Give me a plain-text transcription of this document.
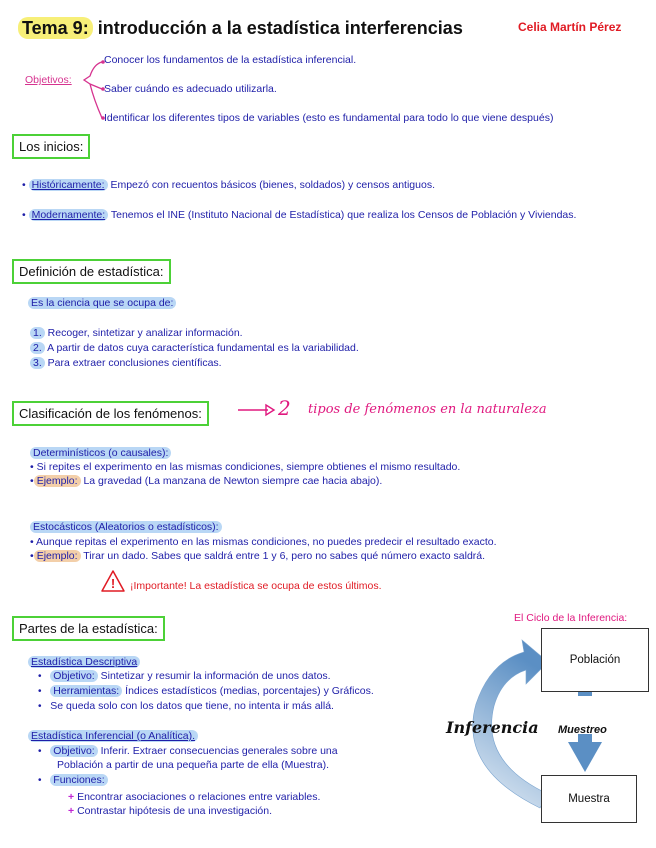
Tema 9: introducción a la estadística interferencias	Celia Martín Pérez
Objetivos:
Conocer los fundamentos de la estadística inferencial.
Saber cuándo es adecuado utilizarla.
Identificar los diferentes tipos de variables (esto es fundamental para todo lo que viene después)
Los inicios:
• Históricamente: Empezó con recuentos básicos (bienes, soldados) y censos antiguos.
• Modernamente: Tenemos el INE (Instituto Nacional de Estadística) que realiza los Censos de Población y Viviendas.
Definición de estadística:
Es la ciencia que se ocupa de:
1. Recoger, sintetizar y analizar información.
2. A partir de datos cuya característica fundamental es la variabilidad.
3. Para extraer conclusiones científicas.
Clasificación de los fenómenos:	2 tipos de fenómenos en la naturaleza
Determinísticos (o causales):
• Si repites el experimento en las mismas condiciones, siempre obtienes el mismo resultado.
• Ejemplo: La gravedad (La manzana de Newton siempre cae hacia abajo).
Estocásticos (Aleatorios o estadísticos):
• Aunque repitas el experimento en las mismas condiciones, no puedes predecir el resultado exacto.
• Ejemplo: Tirar un dado. Sabes que saldrá entre 1 y 6, pero no sabes qué número exacto saldrá.
! ¡Importante! La estadística se ocupa de estos últimos.
Partes de la estadística:
Estadística Descriptiva
• Objetivo: Sintetizar y resumir la información de unos datos.
• Herramientas: Índices estadísticos (medias, porcentajes) y Gráficos.
• Se queda solo con los datos que tiene, no intenta ir más allá.
Estadística Inferencial (o Analítica).
• Objetivo: Inferir. Extraer consecuencias generales sobre una
Población a partir de una pequeña parte de ella (Muestra).
• Funciones:
+ Encontrar asociaciones o relaciones entre variables.
+ Contrastar hipótesis de una investigación.
El Ciclo de la Inferencia:
Población
Muestreo
Muestra
Inferencia
